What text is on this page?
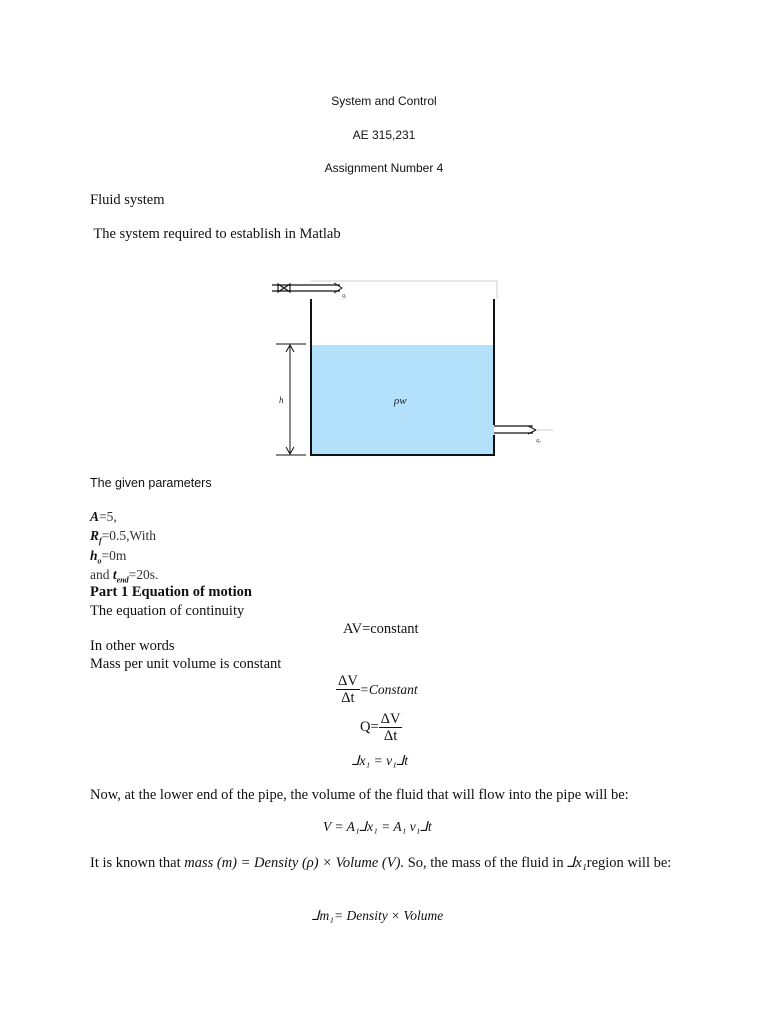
System and Control
AE 315,231
Assignment Number 4
Fluid system
The system required to establish in Matlab
h	ρw
qᵢ
qₒ
The given parameters
A=5,
$R_f=0.5,With$
$h_o=0m$
and $t_{end}=20s$.
Part 1 Equation of motion
The equation of continuity
AV=constant
In other words
Mass per unit volume is constant
$\frac{\Delta V}{\Delta t}$ =Constant
$Q= \frac{\Delta V}{\Delta t}$
⅃x₁ = v₁⅃t
Now, at the lower end of the pipe, the volume of the fluid that will flow into the pipe will be:
V = A₁⅃x₁ = A₁ v₁⅃t
It is known that mass (m) = Density (ρ) × Volume (V). So, the mass of the fluid in ⅃x₁region will be:
⅃m₁= Density × Volume
